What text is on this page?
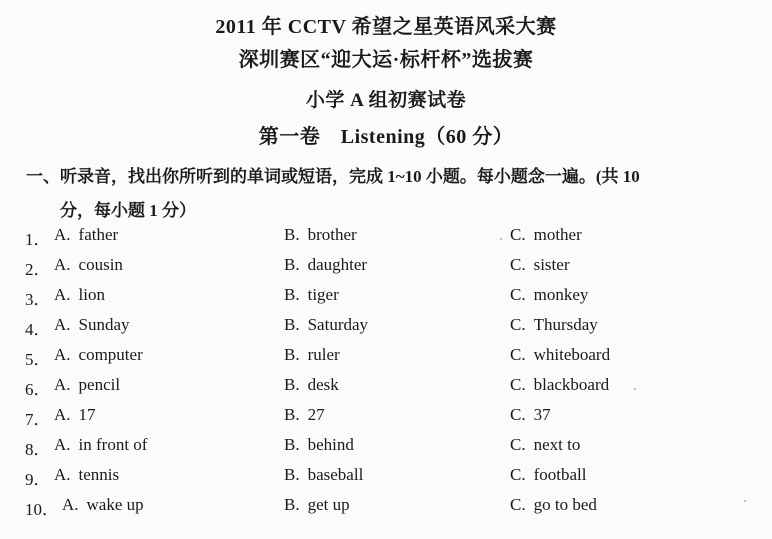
2011 年 CCTV 希望之星英语风采大赛
深圳赛区“迎大运·标杆杯”选拔赛
小学 A 组初赛试卷
第一卷　Listening（60 分）
一、听录音，找出你所听到的单词或短语，完成 1~10 小题。每小题念一遍。(共 10
分，每小题 1 分）
1． A. father	B. brother	C. mother
2． A. cousin	B. daughter	C. sister
3． A. lion	B. tiger	C. monkey
4． A. Sunday	B. Saturday	C. Thursday
5． A. computer	B. ruler	C. whiteboard
6． A. pencil	B. desk	C. blackboard
7． A. 17	B. 27	C. 37
8． A. in front of	B. behind	C. next to
9． A. tennis	B. baseball	C. football
10． A. wake up	B. get up	C. go to bed
